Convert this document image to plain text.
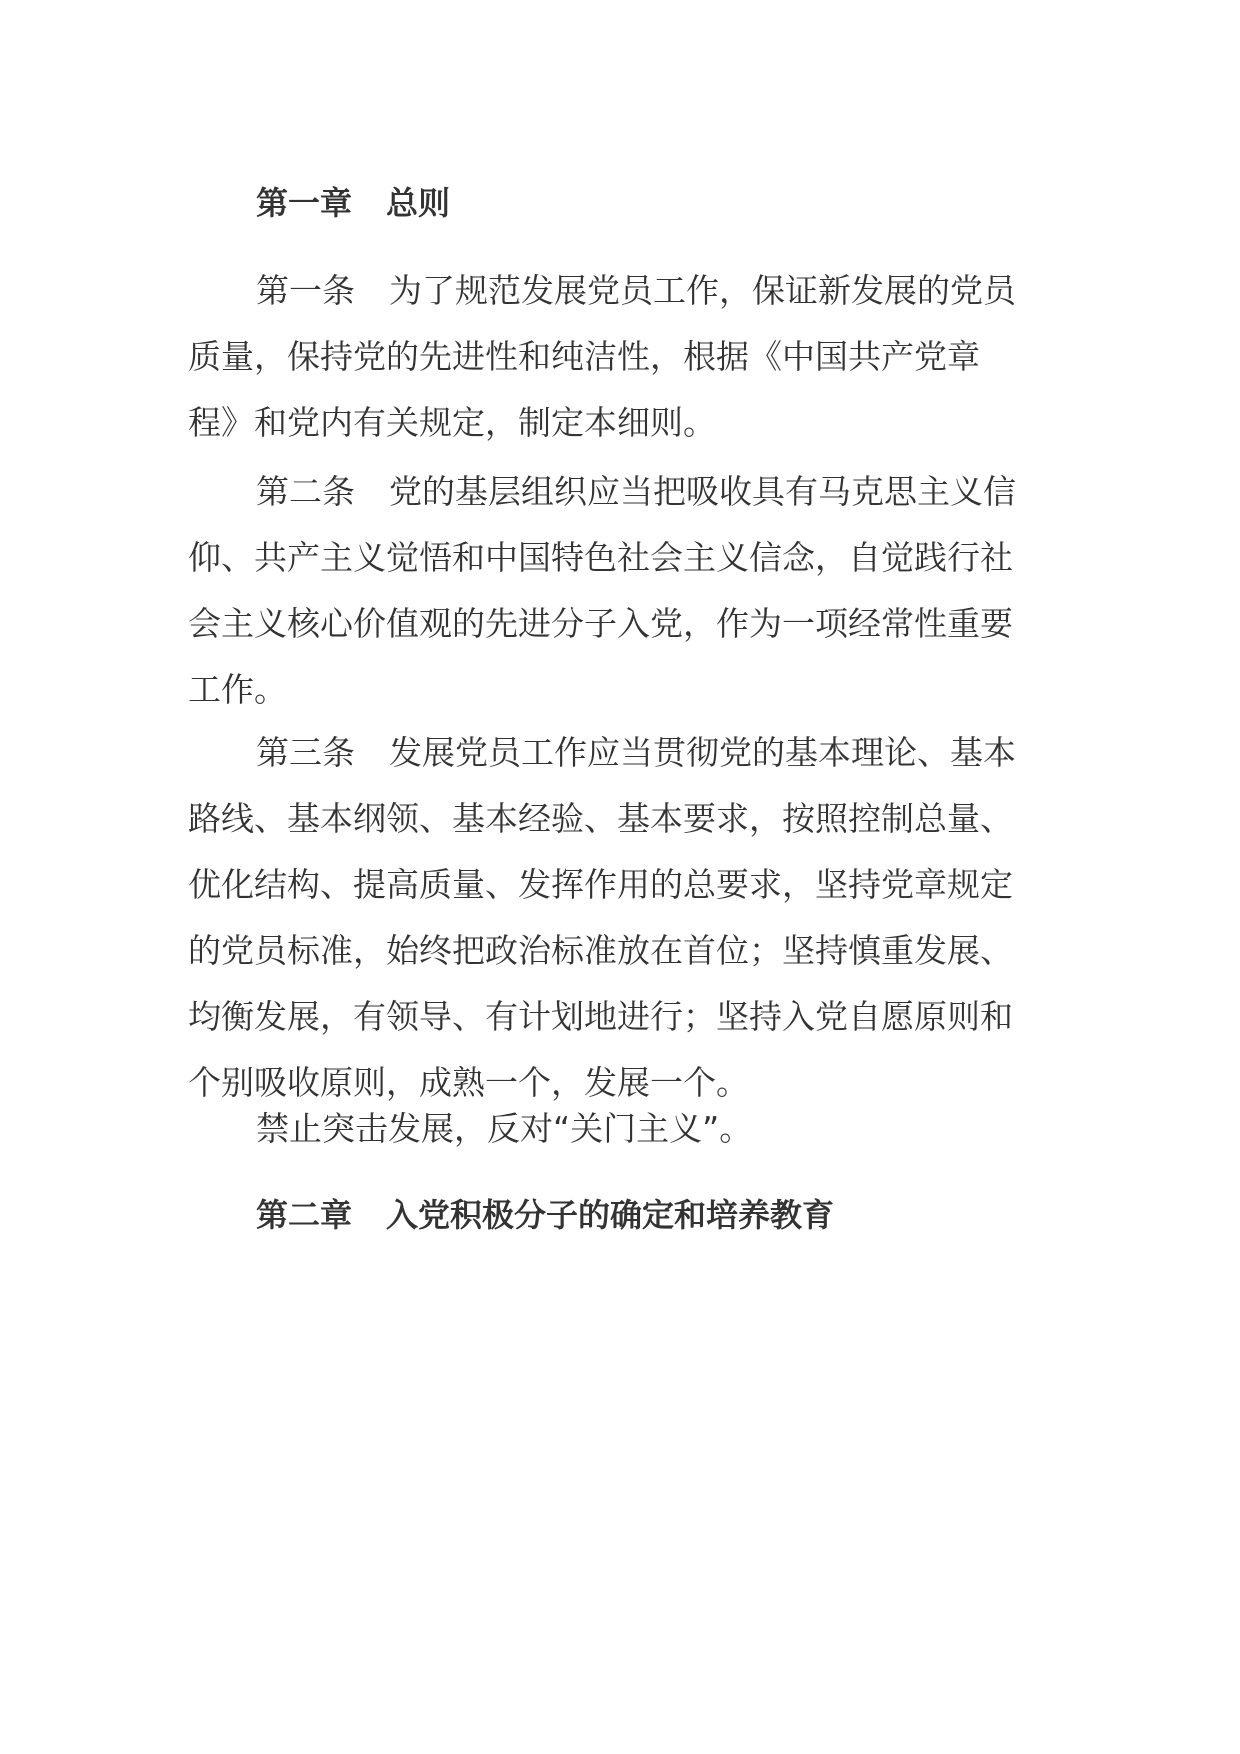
第一章 总则
第一条 为了规范发展党员工作，保证新发展的党员
质量，保持党的先进性和纯洁性，根据《中国共产党章
程》和党内有关规定，制定本细则。
第二条 党的基层组织应当把吸收具有马克思主义信
仰、共产主义觉悟和中国特色社会主义信念，自觉践行社
会主义核心价值观的先进分子入党，作为一项经常性重要
工作。
第三条 发展党员工作应当贯彻党的基本理论、基本
路线、基本纲领、基本经验、基本要求，按照控制总量、
优化结构、提高质量、发挥作用的总要求，坚持党章规定
的党员标准，始终把政治标准放在首位；坚持慎重发展、
均衡发展，有领导、有计划地进行；坚持入党自愿原则和
个别吸收原则，成熟一个，发展一个。
禁止突击发展，反对“关门主义”。
第二章 入党积极分子的确定和培养教育
